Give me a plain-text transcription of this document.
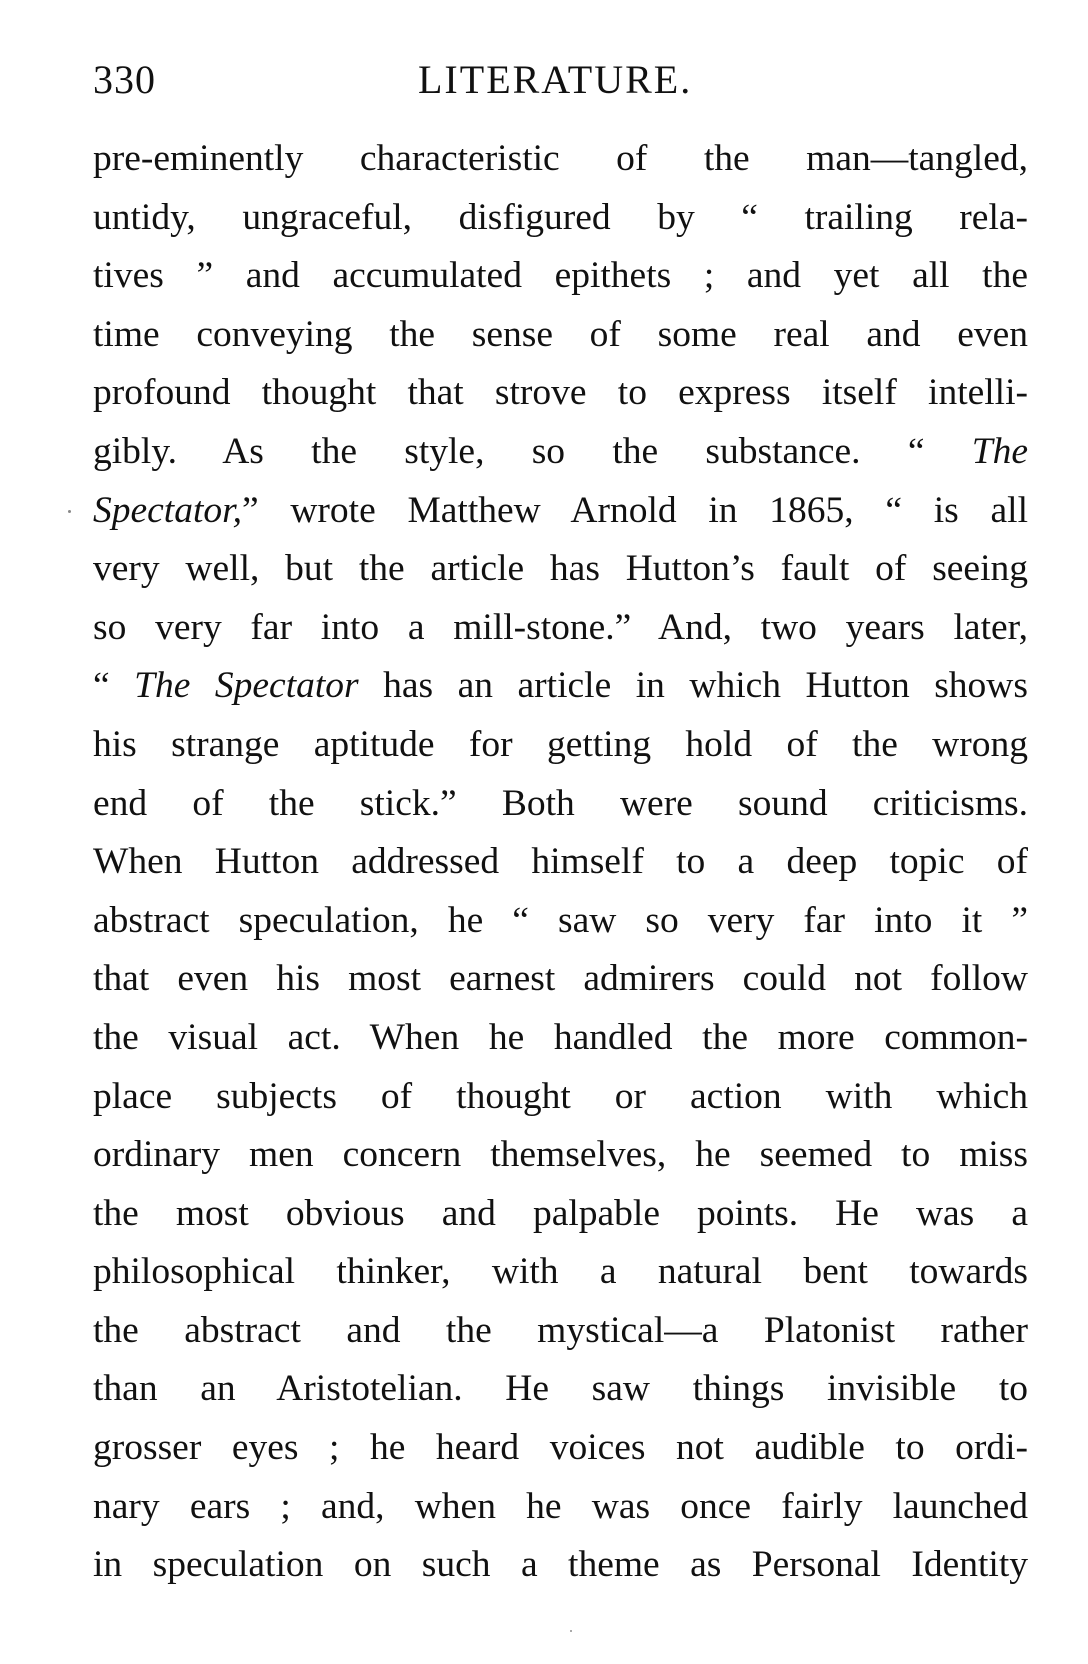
330	LITERATURE.
pre-eminently characteristic of the man—tangled,
untidy, ungraceful, disfigured by “ trailing rela-
tives ” and accumulated epithets ; and yet all the
time conveying the sense of some real and even
profound thought that strove to express itself intelli-
gibly. As the style, so the substance. “ The
Spectator,” wrote Matthew Arnold in 1865, “ is all
very well, but the article has Hutton’s fault of seeing
so very far into a mill-stone.” And, two years later,
“ The Spectator has an article in which Hutton shows
his strange aptitude for getting hold of the wrong
end of the stick.” Both were sound criticisms.
When Hutton addressed himself to a deep topic of
abstract speculation, he “ saw so very far into it ”
that even his most earnest admirers could not follow
the visual act. When he handled the more common-
place subjects of thought or action with which
ordinary men concern themselves, he seemed to miss
the most obvious and palpable points. He was a
philosophical thinker, with a natural bent towards
the abstract and the mystical—a Platonist rather
than an Aristotelian. He saw things invisible to
grosser eyes ; he heard voices not audible to ordi-
nary ears ; and, when he was once fairly launched
in speculation on such a theme as Personal Identity
